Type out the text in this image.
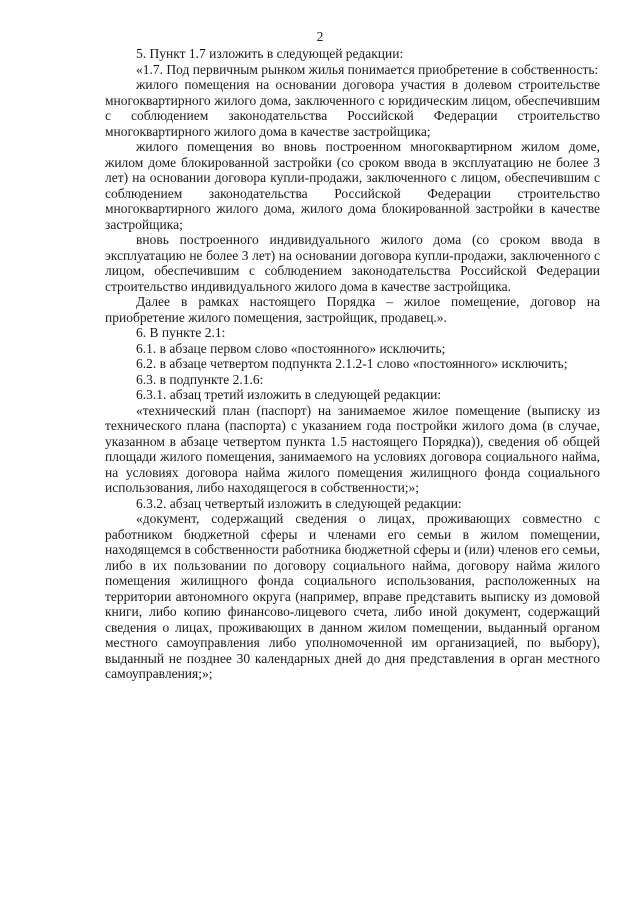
2

5. Пункт 1.7 изложить в следующей редакции:

«1.7. Под первичным рынком жилья понимается приобретение в собственность:

жилого помещения на основании договора участия в долевом строительстве многоквартирного жилого дома, заключенного с юридическим лицом, обеспечившим с соблюдением законодательства Российской Федерации строительство многоквартирного жилого дома в качестве застройщика;

жилого помещения во вновь построенном многоквартирном жилом доме, жилом доме блокированной застройки (со сроком ввода в эксплуатацию не более 3 лет) на основании договора купли-продажи, заключенного с лицом, обеспечившим с соблюдением законодательства Российской Федерации строительство многоквартирного жилого дома, жилого дома блокированной застройки в качестве застройщика;

вновь построенного индивидуального жилого дома (со сроком ввода в эксплуатацию не более 3 лет) на основании договора купли-продажи, заключенного с лицом, обеспечившим с соблюдением законодательства Российской Федерации строительство индивидуального жилого дома в качестве застройщика.

Далее в рамках настоящего Порядка – жилое помещение, договор на приобретение жилого помещения, застройщик, продавец.».

6. В пункте 2.1:

6.1. в абзаце первом слово «постоянного» исключить;

6.2. в абзаце четвертом подпункта 2.1.2-1 слово «постоянного» исключить;

6.3. в подпункте 2.1.6:

6.3.1. абзац третий изложить в следующей редакции:

«технический план (паспорт) на занимаемое жилое помещение (выписку из технического плана (паспорта) с указанием года постройки жилого дома (в случае, указанном в абзаце четвертом пункта 1.5 настоящего Порядка)), сведения об общей площади жилого помещения, занимаемого на условиях договора социального найма, на условиях договора найма жилого помещения жилищного фонда социального использования, либо находящегося в собственности;»;

6.3.2. абзац четвертый изложить в следующей редакции:

«документ, содержащий сведения о лицах, проживающих совместно с работником бюджетной сферы и членами его семьи в жилом помещении, находящемся в собственности работника бюджетной сферы и (или) членов его семьи, либо в их пользовании по договору социального найма, договору найма жилого помещения жилищного фонда социального использования, расположенных на территории автономного округа (например, вправе представить выписку из домовой книги, либо копию финансово-лицевого счета, либо иной документ, содержащий сведения о лицах, проживающих в данном жилом помещении, выданный органом местного самоуправления либо уполномоченной им организацией, по выбору), выданный не позднее 30 календарных дней до дня представления в орган местного самоуправления;»;
